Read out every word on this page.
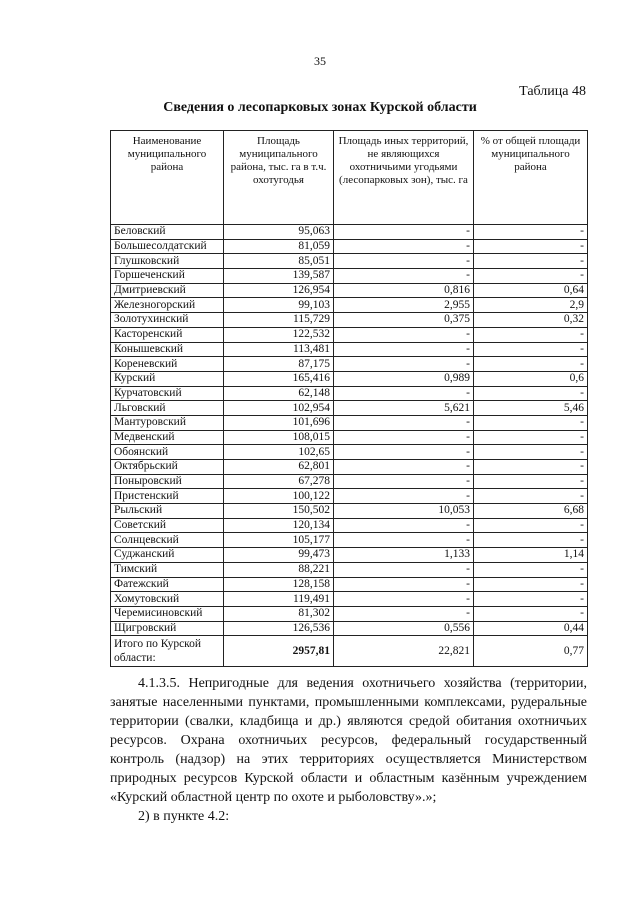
35
Таблица 48
Сведения о лесопарковых зонах Курской области
Наименование муниципального района	Площадь муниципального района, тыс. га в т.ч. охотугодья	Площадь иных территорий, не являющихся охотничьими угодьями (лесопарковых зон), тыс. га	% от общей площади муниципального района
Беловский	95,063	-	-
Большесолдатский	81,059	-	-
Глушковский	85,051	-	-
Горшеченский	139,587	-	-
Дмитриевский	126,954	0,816	0,64
Железногорский	99,103	2,955	2,9
Золотухинский	115,729	0,375	0,32
Касторенский	122,532	-	-
Конышевский	113,481	-	-
Кореневский	87,175	-	-
Курский	165,416	0,989	0,6
Курчатовский	62,148	-	-
Льговский	102,954	5,621	5,46
Мантуровский	101,696	-	-
Медвенский	108,015	-	-
Обоянский	102,65	-	-
Октябрьский	62,801	-	-
Поныровский	67,278	-	-
Пристенский	100,122	-	-
Рыльский	150,502	10,053	6,68
Советский	120,134	-	-
Солнцевский	105,177	-	-
Суджанский	99,473	1,133	1,14
Тимский	88,221	-	-
Фатежский	128,158	-	-
Хомутовский	119,491	-	-
Черемисиновский	81,302	-	-
Щигровский	126,536	0,556	0,44
Итого по Курской области:	2957,81	22,821	0,77

4.1.3.5. Непригодные для ведения охотничьего хозяйства (территории, занятые населенными пунктами, промышленными комплексами, рудеральные территории (свалки, кладбища и др.) являются средой обитания охотничьих ресурсов. Охрана охотничьих ресурсов, федеральный государственный контроль (надзор) на этих территориях осуществляется Министерством природных ресурсов Курской области и областным казённым учреждением «Курский областной центр по охоте и рыболовству».»;

2) в пункте 4.2:
